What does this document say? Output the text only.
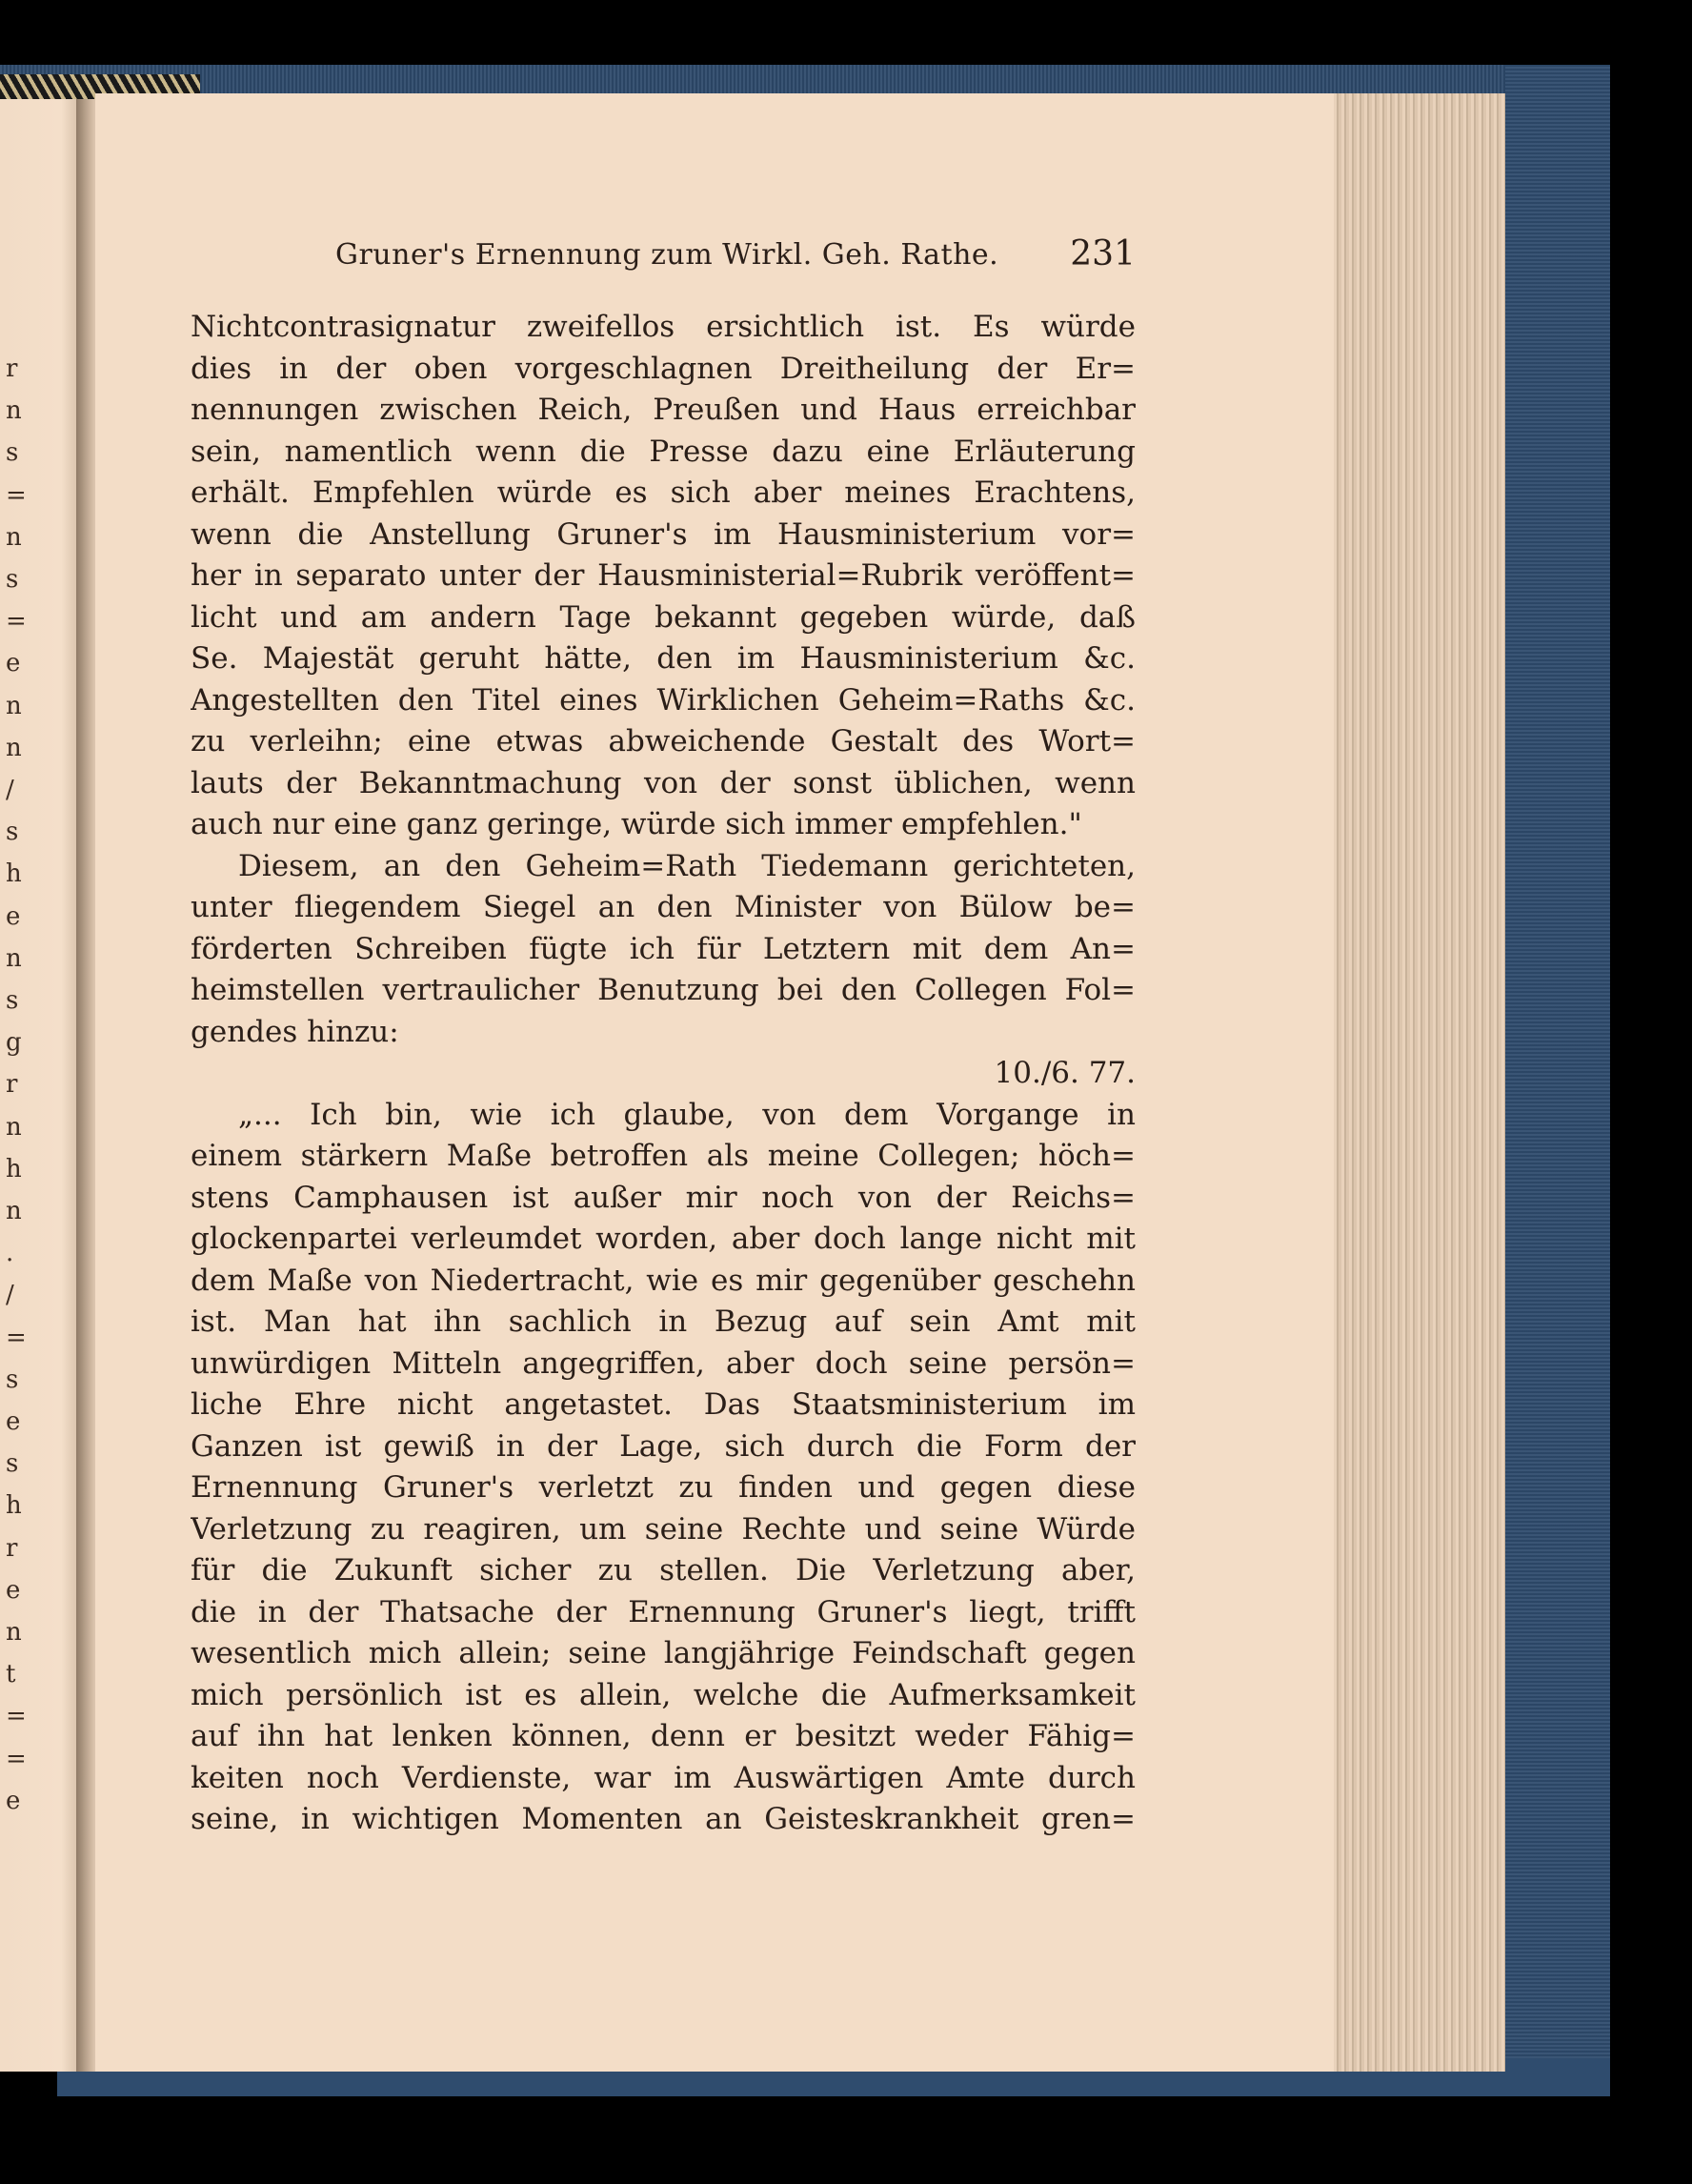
r
n
s
=
n
s
=
e
n
n
/
s
h
e
n
s
g
r
n
h
n
.
/
=
s
e
s
h
r
e
n
t
=
=
e
Gruner's Ernennung zum Wirkl. Geh. Rathe. 231
Nichtcontrasignatur zweifellos ersichtlich ist. Es würde
dies in der oben vorgeschlagnen Dreitheilung der Er=
nennungen zwischen Reich, Preußen und Haus erreichbar
sein, namentlich wenn die Presse dazu eine Erläuterung
erhält. Empfehlen würde es sich aber meines Erachtens,
wenn die Anstellung Gruner's im Hausministerium vor=
her in separato unter der Hausministerial=Rubrik veröffent=
licht und am andern Tage bekannt gegeben würde, daß
Se. Majestät geruht hätte, den im Hausministerium &c.
Angestellten den Titel eines Wirklichen Geheim=Raths &c.
zu verleihn; eine etwas abweichende Gestalt des Wort=
lauts der Bekanntmachung von der sonst üblichen, wenn
auch nur eine ganz geringe, würde sich immer empfehlen."
Diesem, an den Geheim=Rath Tiedemann gerichteten,
unter fliegendem Siegel an den Minister von Bülow be=
förderten Schreiben fügte ich für Letztern mit dem An=
heimstellen vertraulicher Benutzung bei den Collegen Fol=
gendes hinzu:
10./6. 77.
„... Ich bin, wie ich glaube, von dem Vorgange in
einem stärkern Maße betroffen als meine Collegen; höch=
stens Camphausen ist außer mir noch von der Reichs=
glockenpartei verleumdet worden, aber doch lange nicht mit
dem Maße von Niedertracht, wie es mir gegenüber geschehn
ist. Man hat ihn sachlich in Bezug auf sein Amt mit
unwürdigen Mitteln angegriffen, aber doch seine persön=
liche Ehre nicht angetastet. Das Staatsministerium im
Ganzen ist gewiß in der Lage, sich durch die Form der
Ernennung Gruner's verletzt zu finden und gegen diese
Verletzung zu reagiren, um seine Rechte und seine Würde
für die Zukunft sicher zu stellen. Die Verletzung aber,
die in der Thatsache der Ernennung Gruner's liegt, trifft
wesentlich mich allein; seine langjährige Feindschaft gegen
mich persönlich ist es allein, welche die Aufmerksamkeit
auf ihn hat lenken können, denn er besitzt weder Fähig=
keiten noch Verdienste, war im Auswärtigen Amte durch
seine, in wichtigen Momenten an Geisteskrankheit gren=
